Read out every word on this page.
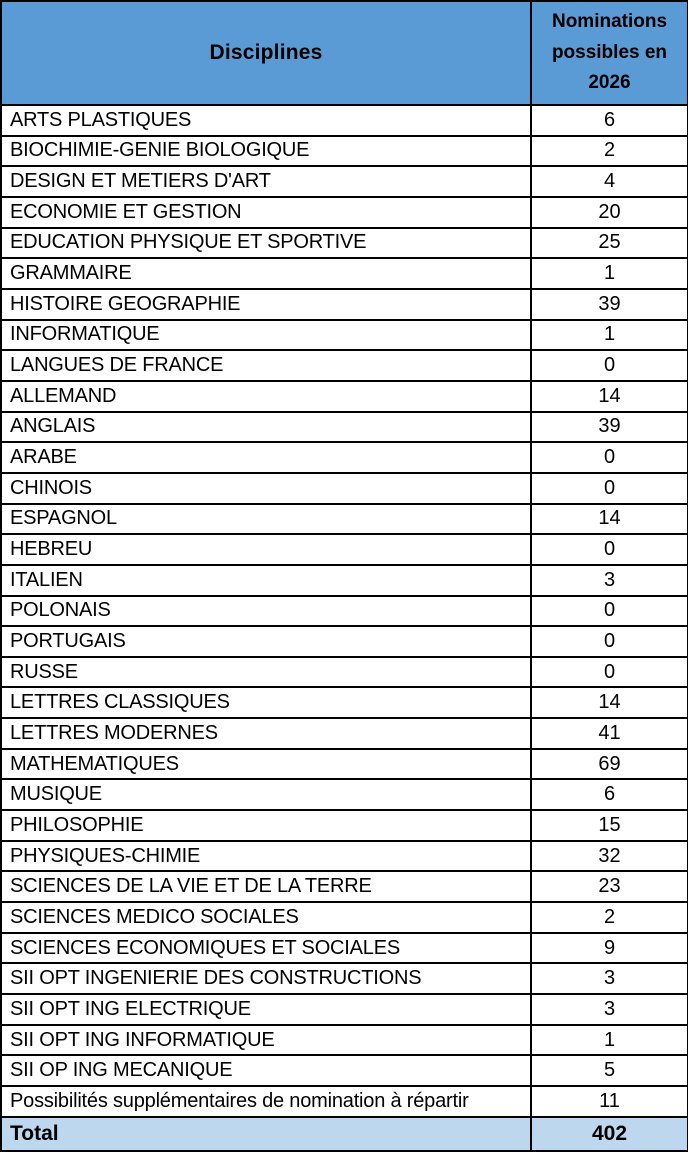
Disciplines	Nominations possibles en 2026
ARTS PLASTIQUES	6
BIOCHIMIE-GENIE BIOLOGIQUE	2
DESIGN ET METIERS D'ART	4
ECONOMIE ET GESTION	20
EDUCATION PHYSIQUE ET SPORTIVE	25
GRAMMAIRE	1
HISTOIRE GEOGRAPHIE	39
INFORMATIQUE	1
LANGUES DE FRANCE	0
ALLEMAND	14
ANGLAIS	39
ARABE	0
CHINOIS	0
ESPAGNOL	14
HEBREU	0
ITALIEN	3
POLONAIS	0
PORTUGAIS	0
RUSSE	0
LETTRES CLASSIQUES	14
LETTRES MODERNES	41
MATHEMATIQUES	69
MUSIQUE	6
PHILOSOPHIE	15
PHYSIQUES-CHIMIE	32
SCIENCES DE LA VIE ET DE LA TERRE	23
SCIENCES MEDICO SOCIALES	2
SCIENCES ECONOMIQUES ET SOCIALES	9
SII OPT INGENIERIE DES CONSTRUCTIONS	3
SII OPT ING ELECTRIQUE	3
SII OPT ING INFORMATIQUE	1
SII OP ING MECANIQUE	5
Possibilités supplémentaires de nomination à répartir	11
Total	402
